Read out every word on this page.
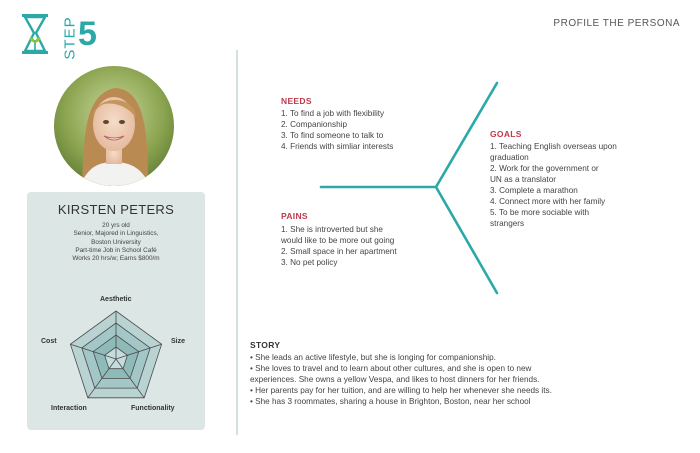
STEP 5	PROFILE THE PERSONA
KIRSTEN PETERS
20 yrs old
Senior, Majored in Linguistics,
Boston University
Part-time Job in School Café
Works 20 hrs/w; Earns $800/m
Aesthetic
Size
Functionality
Interaction
Cost
NEEDS
1. To find a job with flexibility
2. Companionship
3. To find someone to talk to
4. Friends with simliar interests
PAINS
1. She is introverted but she
would like to be more out going
2. Small space in her apartment
3. No pet policy
GOALS
1. Teaching English overseas upon
graduation
2. Work for the government or
UN as a translator
3. Complete a marathon
4. Connect more with her family
5. To be more sociable with
strangers
STORY
• She leads an active lifestyle, but she is longing for companionship.
• She loves to travel and to learn about other cultures, and she is open to new
experiences. She owns a yellow Vespa, and likes to host dinners for her friends.
• Her parents pay for her tuition, and are willing to help her whenever she needs its.
• She has 3 roommates, sharing a house in Brighton, Boston, near her school
